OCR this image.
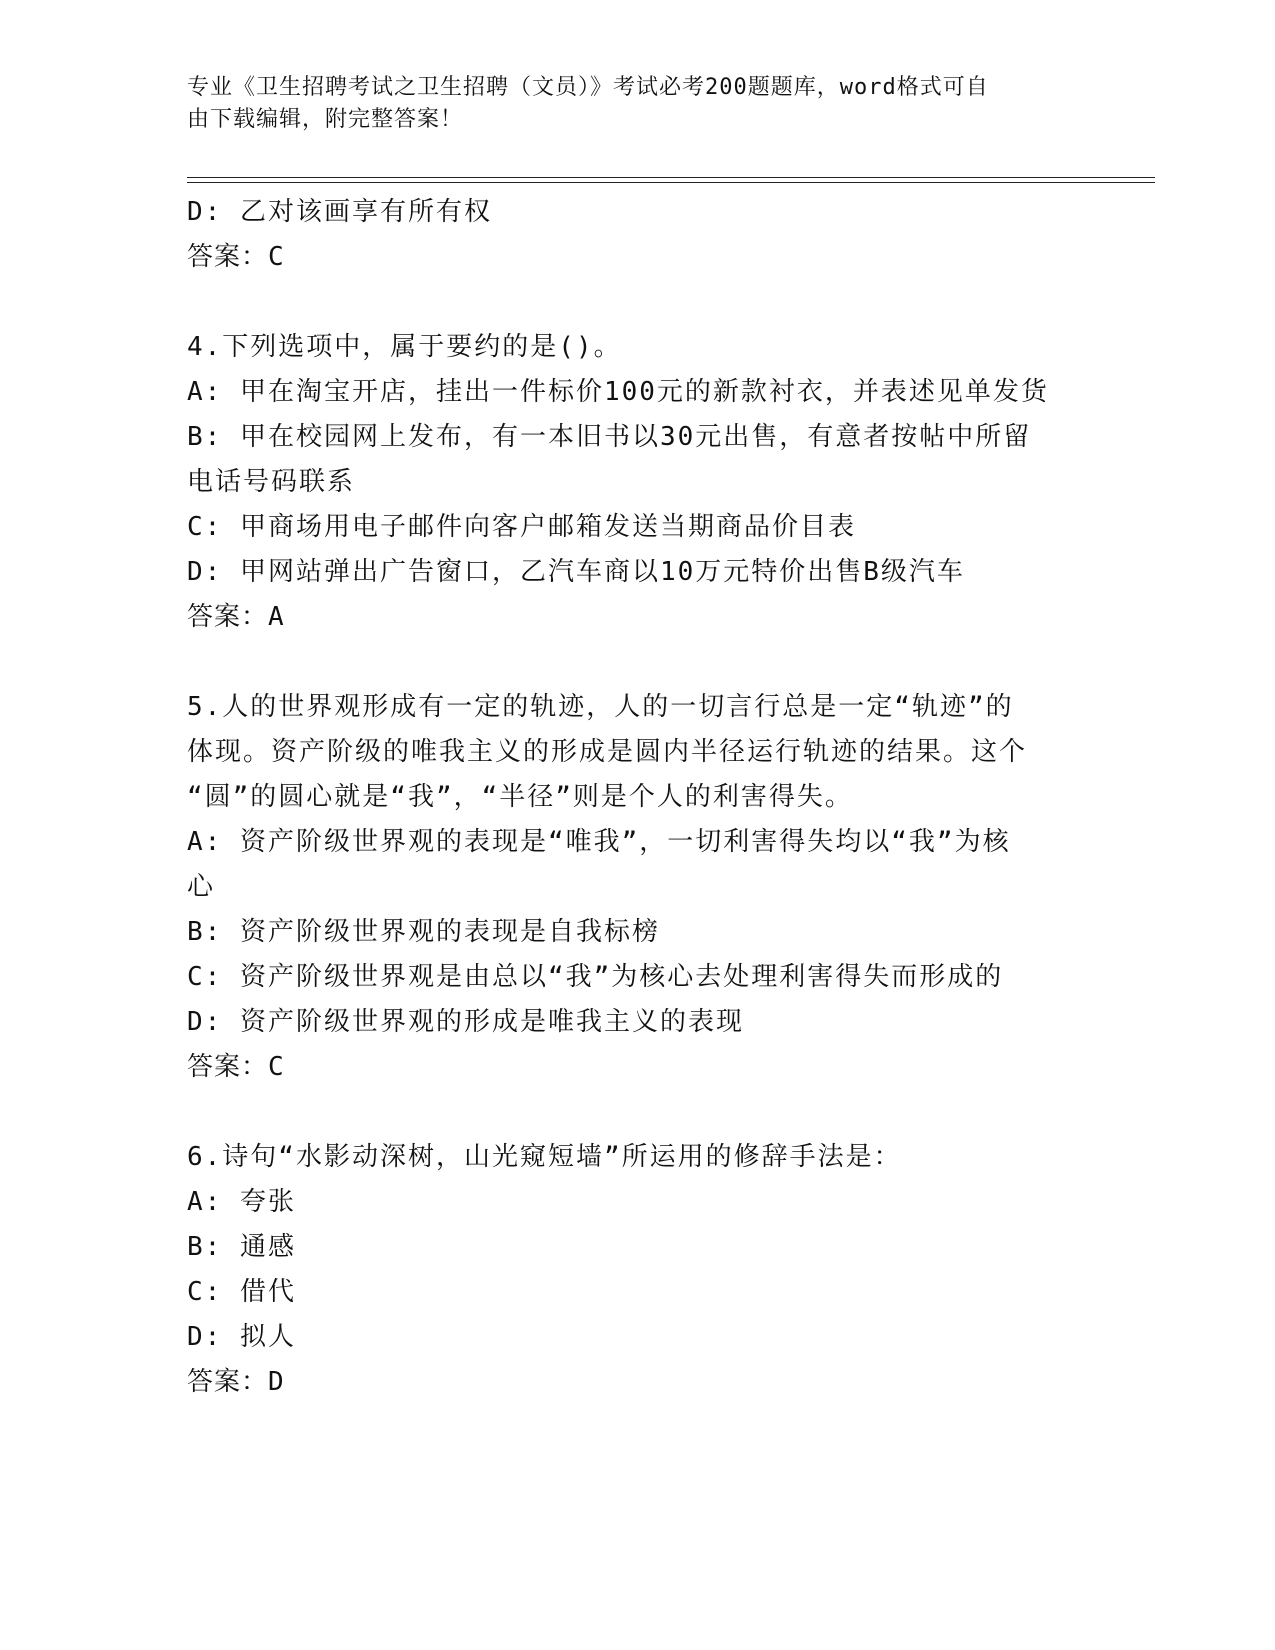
专业《卫生招聘考试之卫生招聘（文员）》考试必考200题题库，word格式可自
由下载编辑，附完整答案！
D: 乙对该画享有所有权
答案：C
4.下列选项中，属于要约的是()。
A: 甲在淘宝开店，挂出一件标价100元的新款衬衣，并表述见单发货
B: 甲在校园网上发布，有一本旧书以30元出售，有意者按帖中所留
电话号码联系
C: 甲商场用电子邮件向客户邮箱发送当期商品价目表
D: 甲网站弹出广告窗口，乙汽车商以10万元特价出售B级汽车
答案：A
5.人的世界观形成有一定的轨迹，人的一切言行总是一定“轨迹”的
体现。资产阶级的唯我主义的形成是圆内半径运行轨迹的结果。这个
“圆”的圆心就是“我”，“半径”则是个人的利害得失。
A: 资产阶级世界观的表现是“唯我”，一切利害得失均以“我”为核
心
B: 资产阶级世界观的表现是自我标榜
C: 资产阶级世界观是由总以“我”为核心去处理利害得失而形成的
D: 资产阶级世界观的形成是唯我主义的表现
答案：C
6.诗句“水影动深树，山光窥短墙”所运用的修辞手法是：
A: 夸张
B: 通感
C: 借代
D: 拟人
答案：D
